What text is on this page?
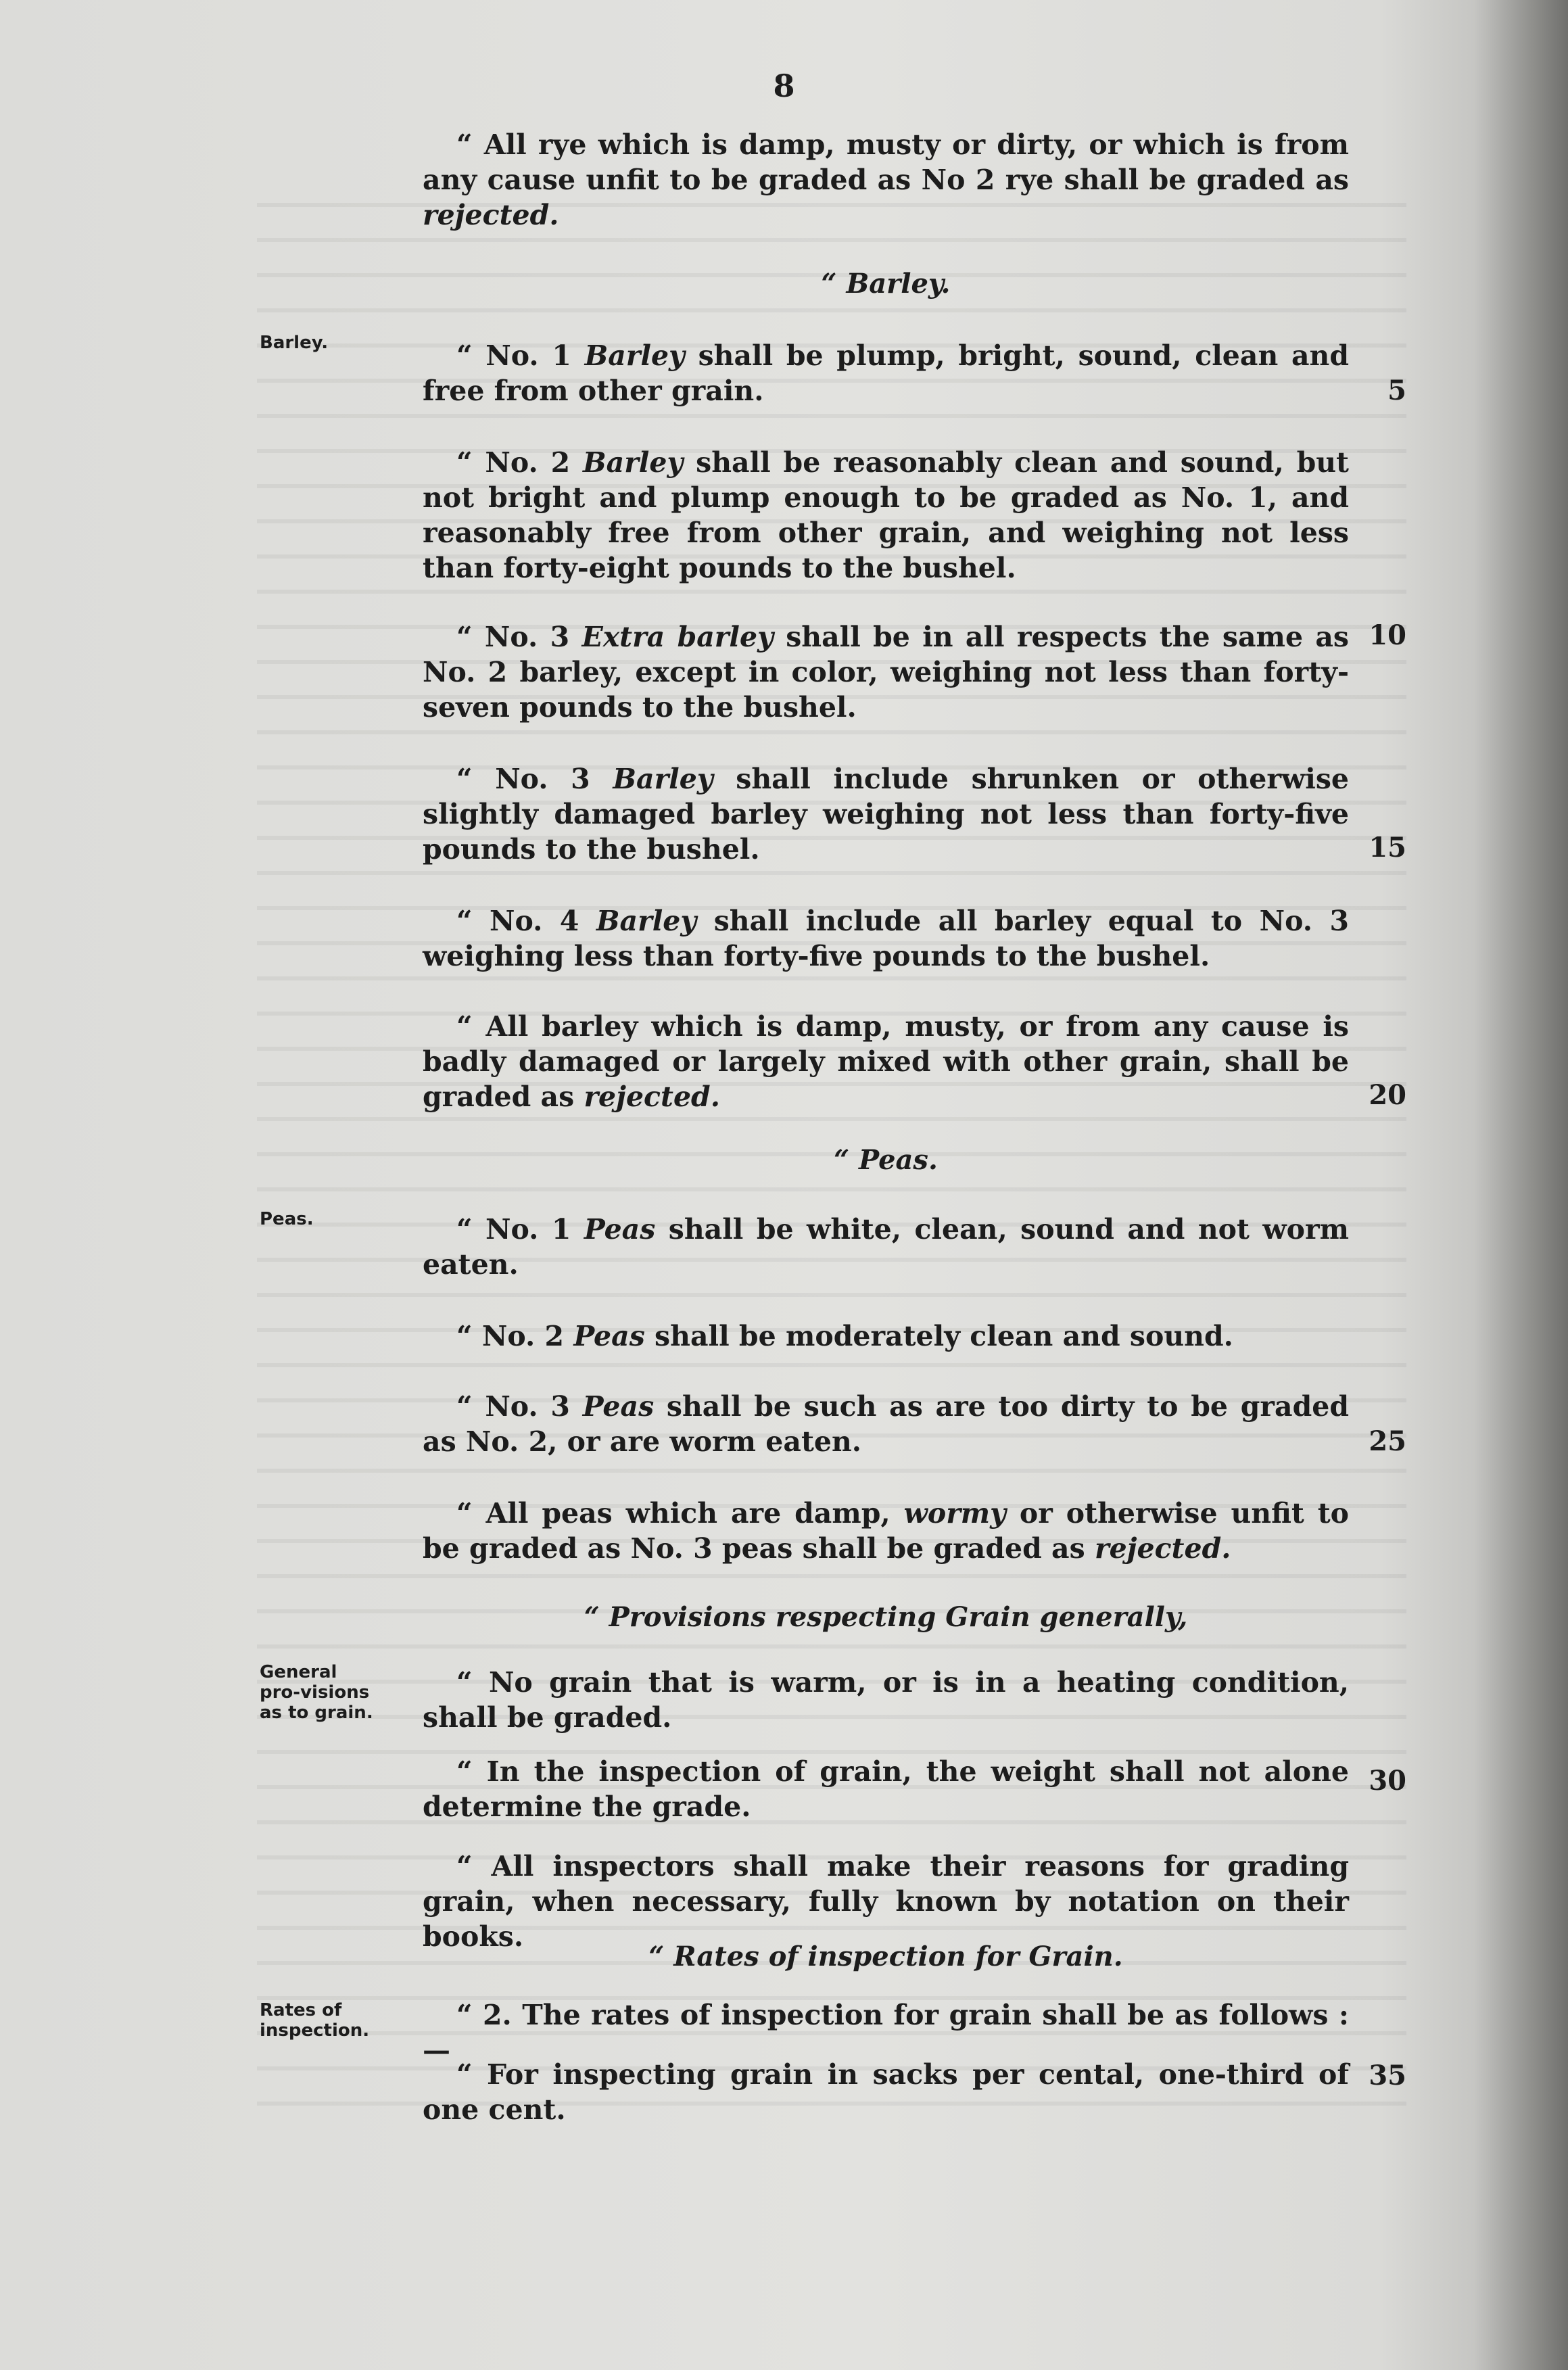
8

“ All rye which is damp, musty or dirty, or which is from any cause unfit to be graded as No 2 rye shall be graded as rejected.

“ Barley.
Barley.	“ No. 1 Barley shall be plump, bright, sound, clean and free from other grain.	5

“ No. 2 Barley shall be reasonably clean and sound, but not bright and plump enough to be graded as No. 1, and reasonably free from other grain, and weighing not less than forty-eight pounds to the bushel.

“ No. 3 Extra barley shall be in all respects the same as No. 2 barley, except in color, weighing not less than forty-seven pounds to the bushel.

10

“ No. 3 Barley shall include shrunken or otherwise slightly damaged barley weighing not less than forty-five pounds to the bushel.	15

“ No. 4 Barley shall include all barley equal to No. 3 weighing less than forty-five pounds to the bushel.

“ All barley which is damp, musty, or from any cause is badly damaged or largely mixed with other grain, shall be graded as rejected.	20
“ Peas.
Peas.	“ No. 1 Peas shall be white, clean, sound and not worm eaten.

“ No. 2 Peas shall be moderately clean and sound.

“ No. 3 Peas shall be such as are too dirty to be graded as No. 2, or are worm eaten.	25

“ All peas which are damp, wormy or otherwise unfit to be graded as No. 3 peas shall be graded as rejected.

“ Provisions respecting Grain generally,
General pro-visions as to grain.

“ No grain that is warm, or is in a heating condition, shall be graded.

“ In the inspection of grain, the weight shall not alone determine the grade.

30

“ All inspectors shall make their reasons for grading grain, when necessary, fully known by notation on their books.

“ Rates of inspection for Grain.
Rates of inspection.	“ 2. The rates of inspection for grain shall be as follows :—

“ For inspecting grain in sacks per cental, one-third of one cent.

35
